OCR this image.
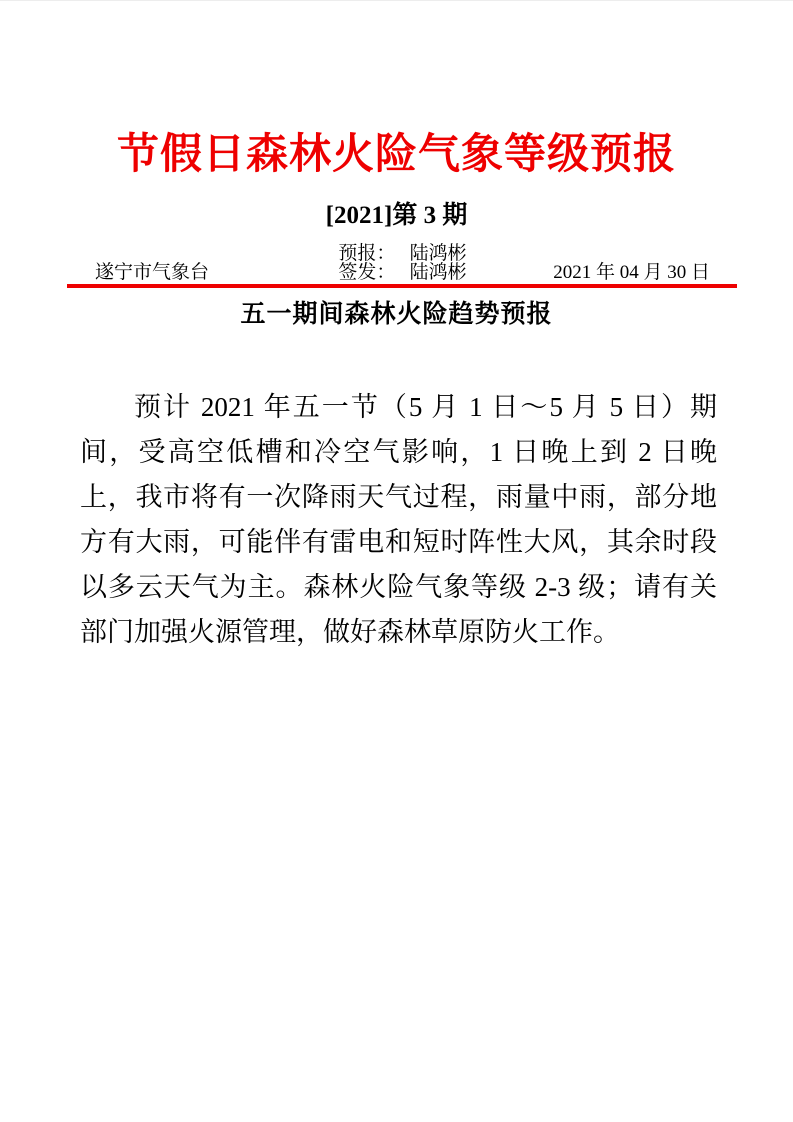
节假日森林火险气象等级预报
[2021]第 3 期
预报： 陆鸿彬
遂宁市气象台	签发： 陆鸿彬	2021 年 04 月 30 日
五一期间森林火险趋势预报

预计 2021 年五一节（5 月 1 日～5 月 5 日）期间，受高空低槽和冷空气影响，1 日晚上到 2 日晚上，我市将有一次降雨天气过程，雨量中雨，部分地方有大雨，可能伴有雷电和短时阵性大风，其余时段以多云天气为主。森林火险气象等级 2-3 级；请有关部门加强火源管理，做好森林草原防火工作。
